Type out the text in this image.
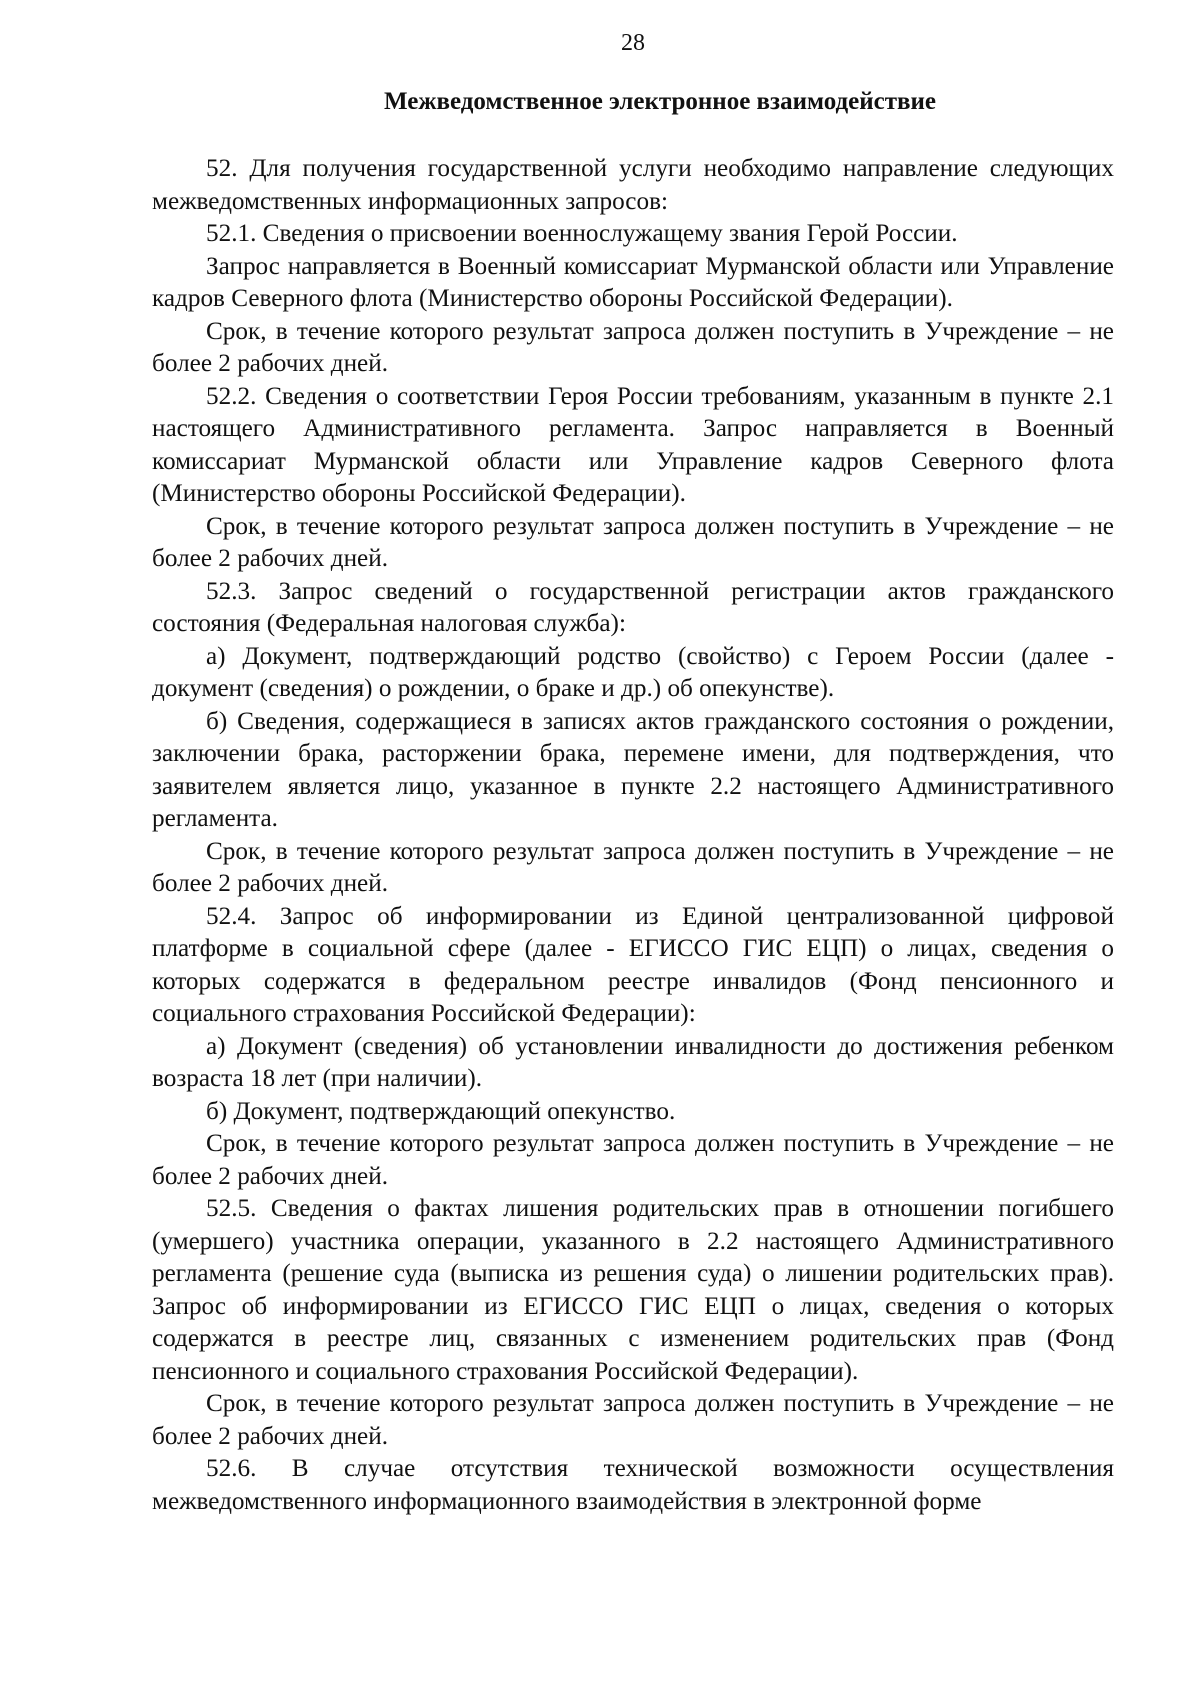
28
Межведомственное электронное взаимодействие

52. Для получения государственной услуги необходимо направление следующих межведомственных информационных запросов:

52.1. Сведения о присвоении военнослужащему звания Герой России.

Запрос направляется в Военный комиссариат Мурманской области или Управление кадров Северного флота (Министерство обороны Российской Федерации).

Срок, в течение которого результат запроса должен поступить в Учреждение – не более 2 рабочих дней.

52.2. Сведения о соответствии Героя России требованиям, указанным в пункте 2.1 настоящего Административного регламента. Запрос направляется в Военный комиссариат Мурманской области или Управление кадров Северного флота (Министерство обороны Российской Федерации).

Срок, в течение которого результат запроса должен поступить в Учреждение – не более 2 рабочих дней.

52.3. Запрос сведений о государственной регистрации актов гражданского состояния (Федеральная налоговая служба):

а) Документ, подтверждающий родство (свойство) с Героем России (далее - документ (сведения) о рождении, о браке и др.) об опекунстве).

б) Сведения, содержащиеся в записях актов гражданского состояния о рождении, заключении брака, расторжении брака, перемене имени, для подтверждения, что заявителем является лицо, указанное в пункте 2.2 настоящего Административного регламента.

Срок, в течение которого результат запроса должен поступить в Учреждение – не более 2 рабочих дней.

52.4. Запрос об информировании из Единой централизованной цифровой платформе в социальной сфере (далее - ЕГИССО ГИС ЕЦП) о лицах, сведения о которых содержатся в федеральном реестре инвалидов (Фонд пенсионного и социального страхования Российской Федерации):

а) Документ (сведения) об установлении инвалидности до достижения ребенком возраста 18 лет (при наличии).

б) Документ, подтверждающий опекунство.

Срок, в течение которого результат запроса должен поступить в Учреждение – не более 2 рабочих дней.

52.5. Сведения о фактах лишения родительских прав в отношении погибшего (умершего) участника операции, указанного в 2.2 настоящего Административного регламента (решение суда (выписка из решения суда) о лишении родительских прав). Запрос об информировании из ЕГИССО ГИС ЕЦП о лицах, сведения о которых содержатся в реестре лиц, связанных с изменением родительских прав (Фонд пенсионного и социального страхования Российской Федерации).

Срок, в течение которого результат запроса должен поступить в Учреждение – не более 2 рабочих дней.

52.6. В случае отсутствия технической возможности осуществления межведомственного информационного взаимодействия в электронной форме
